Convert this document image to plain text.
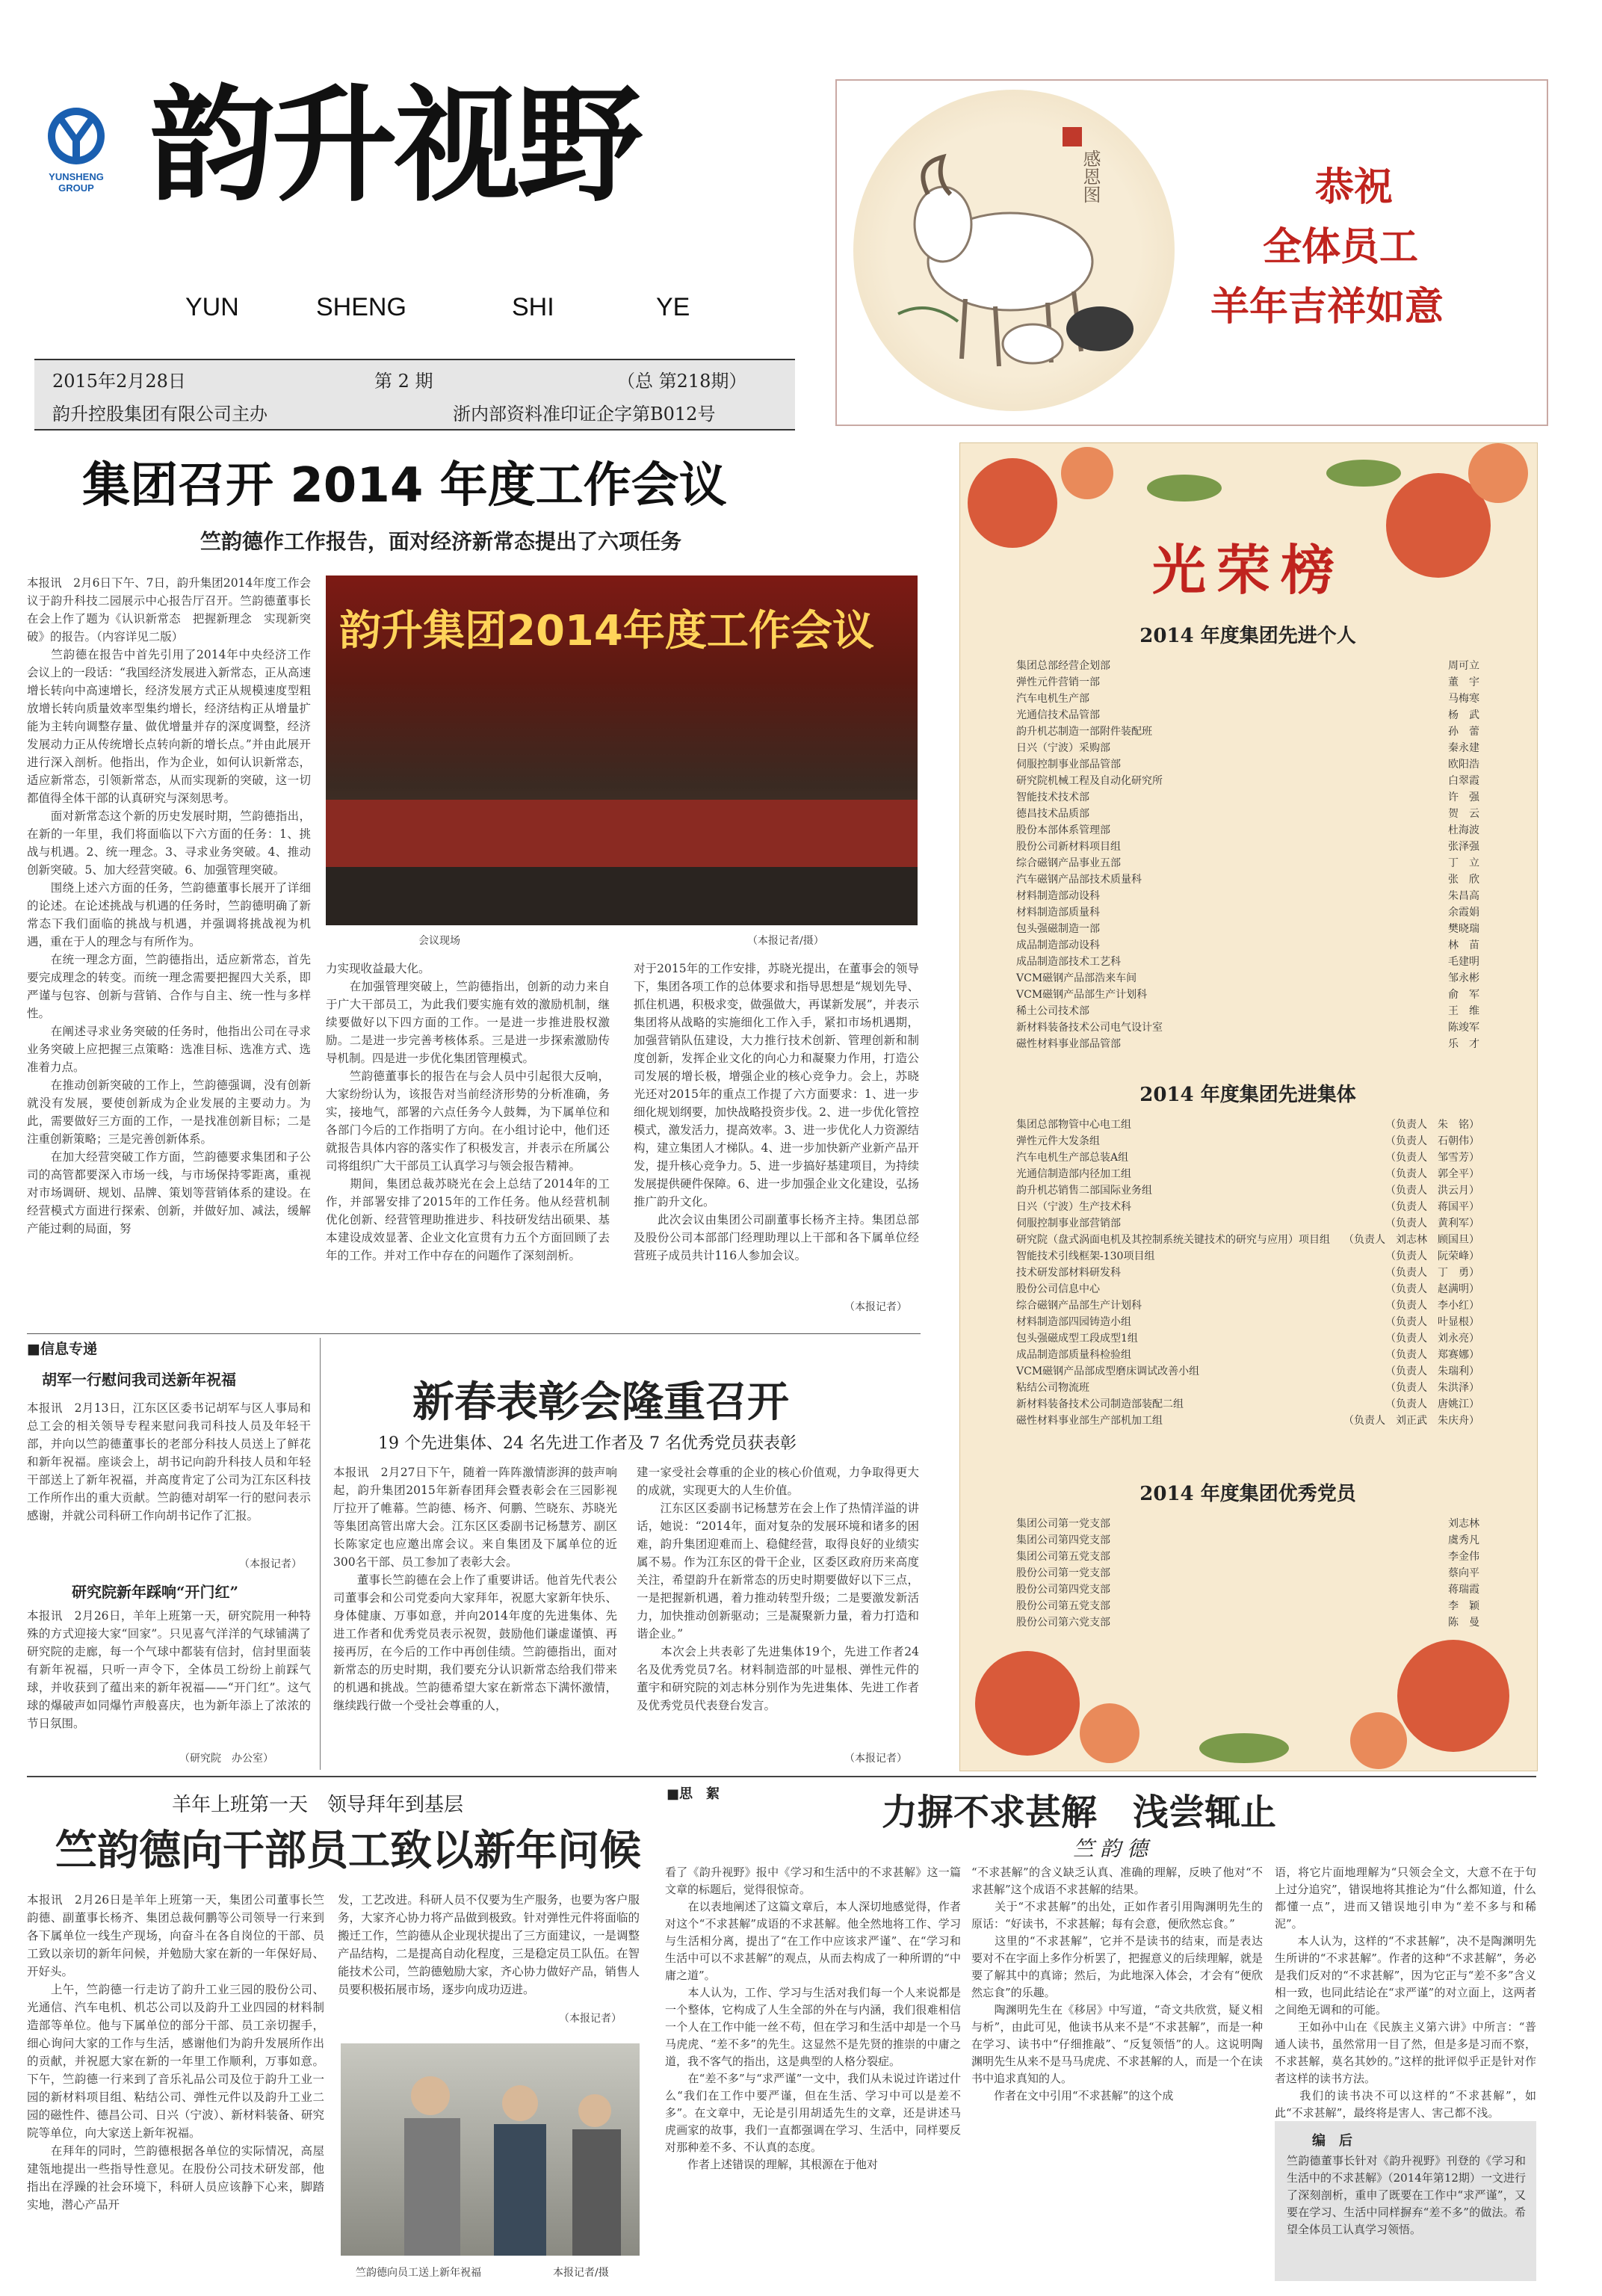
YUNSHENG GROUP 韵升视野
YUN	SHENG	SHI	YE
2015年2月28日	第 2 期	（总 第218期）
韵升控股集团有限公司主办	浙内部资料准印证企字第B012号
感恩图	恭祝
全体员工
羊年吉祥如意
集团召开 2014 年度工作会议
竺韵德作工作报告，面对经济新常态提出了六项任务
本报讯　2月6日下午、7日，韵升集团2014年度工作会议于韵升科技二园展示中心报告厅召开。竺韵德董事长在会上作了题为《认识新常态　把握新理念　实现新突破》的报告。（内容详见二版）
　　竺韵德在报告中首先引用了2014年中央经济工作会议上的一段话：“我国经济发展进入新常态，正从高速增长转向中高速增长，经济发展方式正从规模速度型粗放增长转向质量效率型集约增长，经济结构正从增量扩能为主转向调整存量、做优增量并存的深度调整，经济发展动力正从传统增长点转向新的增长点。”并由此展开进行深入剖析。他指出，作为企业，如何认识新常态，适应新常态，引领新常态，从而实现新的突破，这一切都值得全体干部的认真研究与深刻思考。
　　面对新常态这个新的历史发展时期，竺韵德指出，在新的一年里，我们将面临以下六方面的任务：1、挑战与机遇。2、统一理念。3、寻求业务突破。4、推动创新突破。5、加大经营突破。6、加强管理突破。
　　围绕上述六方面的任务，竺韵德董事长展开了详细的论述。在论述挑战与机遇的任务时，竺韵德明确了新常态下我们面临的挑战与机遇，并强调将挑战视为机遇，重在于人的理念与有所作为。
　　在统一理念方面，竺韵德指出，适应新常态，首先要完成理念的转变。而统一理念需要把握四大关系，即严谨与包容、创新与营销、合作与自主、统一性与多样性。
　　在阐述寻求业务突破的任务时，他指出公司在寻求业务突破上应把握三点策略：选准目标、选准方式、选准着力点。
　　在推动创新突破的工作上，竺韵德强调，没有创新就没有发展，要使创新成为企业发展的主要动力。为此，需要做好三方面的工作，一是找准创新目标；二是注重创新策略；三是完善创新体系。
　　在加大经营突破工作方面，竺韵德要求集团和子公司的高管都要深入市场一线，与市场保持零距离，重视对市场调研、规划、品牌、策划等营销体系的建设。在经营模式方面进行探索、创新，并做好加、减法，缓解产能过剩的局面，努
韵升集团2014年度工作会议
会议现场	（本报记者/摄）
力实现收益最大化。
　　在加强管理突破上，竺韵德指出，创新的动力来自于广大干部员工，为此我们要实施有效的激励机制，继续要做好以下四方面的工作。一是进一步推进股权激励。二是进一步完善考核体系。三是进一步探索激励传导机制。四是进一步优化集团管理模式。
　　竺韵德董事长的报告在与会人员中引起很大反响，大家纷纷认为，该报告对当前经济形势的分析准确，务实，接地气，部署的六点任务今人鼓舞，为下属单位和各部门今后的工作指明了方向。在小组讨论中，他们还就报告具体内容的落实作了积极发言，并表示在所属公司将组织广大干部员工认真学习与领会报告精神。
　　期间，集团总裁苏晓光在会上总结了2014年的工作，并部署安排了2015年的工作任务。他从经营机制优化创新、经营管理助推进步、科技研发结出硕果、基本建设成效显著、企业文化宣贯有力五个方面回顾了去年的工作。并对工作中存在的问题作了深刻剖析。
对于2015年的工作安排，苏晓光提出，在董事会的领导下，集团各项工作的总体要求和指导思想是“规划先导、抓住机遇，积极求变，做强做大，再谋新发展”，并表示集团将从战略的实施细化工作入手，紧扣市场机遇期，加强营销队伍建设，大力推行技术创新、管理创新和制度创新，发挥企业文化的向心力和凝聚力作用，打造公司发展的增长极，增强企业的核心竞争力。会上，苏晓光还对2015年的重点工作提了六方面要求：1、进一步细化规划纲要，加快战略投资步伐。2、进一步优化管控模式，激发活力，提高效率。3、进一步优化人力资源结构，建立集团人才梯队。4、进一步加快新产业新产品开发，提升核心竞争力。5、进一步搞好基建项目，为持续发展提供硬件保障。6、进一步加强企业文化建设，弘扬推广韵升文化。
　　此次会议由集团公司副董事长杨齐主持。集团总部及股份公司本部部门经理助理以上干部和各下属单位经营班子成员共计116人参加会议。
（本报记者）
■信息专递
胡军一行慰问我司送新年祝福
本报讯　2月13日，江东区区委书记胡军与区人事局和总工会的相关领导专程来慰问我司科技人员及年轻干部，并向以竺韵德董事长的老部分科技人员送上了鲜花和新年祝福。座谈会上，胡书记向韵升科技人员和年轻干部送上了新年祝福，并高度肯定了公司为江东区科技工作所作出的重大贡献。竺韵德对胡军一行的慰问表示感谢，并就公司科研工作向胡书记作了汇报。
（本报记者）
研究院新年踩响“开门红”
本报讯　2月26日，羊年上班第一天，研究院用一种特殊的方式迎接大家“回家”。只见喜气洋洋的气球铺满了研究院的走廊，每一个气球中都装有信封，信封里面装有新年祝福，只听一声令下，全体员工纷纷上前踩气球，并收获到了蕴出来的新年祝福——“开门红”。这气球的爆破声如同爆竹声般喜庆，也为新年添上了浓浓的节日氛围。
（研究院　办公室）
新春表彰会隆重召开
19 个先进集体、24 名先进工作者及 7 名优秀党员获表彰
本报讯　2月27日下午，随着一阵阵激情澎湃的鼓声响起，韵升集团2015年新春团拜会暨表彰会在三园影视厅拉开了帷幕。竺韵德、杨齐、何鹏、竺晓东、苏晓光等集团高管出席大会。江东区区委副书记杨慧芳、副区长陈家定也应邀出席会议。来自集团及下属单位的近300名干部、员工参加了表彰大会。
　　董事长竺韵德在会上作了重要讲话。他首先代表公司董事会和公司党委向大家拜年，祝愿大家新年快乐、身体健康、万事如意，并向2014年度的先进集体、先进工作者和优秀党员表示祝贺，鼓励他们谦虚谨慎、再接再厉，在今后的工作中再创佳绩。竺韵德指出，面对新常态的历史时期，我们要充分认识新常态给我们带来的机遇和挑战。竺韵德希望大家在新常态下满怀激情，继续践行做一个受社会尊重的人，
建一家受社会尊重的企业的核心价值观，力争取得更大的成就，实现更大的人生价值。
　　江东区区委副书记杨慧芳在会上作了热情洋溢的讲话，她说：“2014年，面对复杂的发展环境和诸多的困难，韵升集团迎难而上、稳健经营，取得良好的业绩实属不易。作为江东区的骨干企业，区委区政府历来高度关注，希望韵升在新常态的历史时期要做好以下三点，一是把握新机遇，着力推动转型升级；二是要激发新活力，加快推动创新驱动；三是凝聚新力量，着力打造和谐企业。”
　　本次会上共表彰了先进集体19个，先进工作者24名及优秀党员7名。材料制造部的叶显根、弹性元件的董宇和研究院的刘志林分别作为先进集体、先进工作者及优秀党员代表登台发言。
（本报记者）
光荣榜
2014 年度集团先进个人
集团总部经营企划部	周可立
弹性元件营销一部	董　宇
汽车电机生产部	马梅寒
光通信技术品管部	杨　武
韵升机芯制造一部附件装配班	孙　蕾
日兴（宁波）采购部	秦永建
伺服控制事业部品管部	欧阳浩
研究院机械工程及自动化研究所	白翠霞
智能技术技术部	许　强
德昌技术品质部	贺　云
股份本部体系管理部	杜海波
股份公司新材料项目组	张泽强
综合磁钢产品事业五部	丁　立
汽车磁钢产品部技术质量科	张　欣
材料制造部动设科	朱昌高
材料制造部质量科	余霞娟
包头强磁制造一部	樊晓瑞
成品制造部动设科	林　苗
成品制造部技术工艺科	毛建明
VCM磁钢产品部浩来车间	邹永彬
VCM磁钢产品部生产计划科	俞　军
稀土公司技术部	王　维
新材料装备技术公司电气设计室	陈竣军
磁性材料事业部品管部	乐　才
2014 年度集团先进集体
集团总部物管中心电工组	（负责人　朱　铭）
弹性元件大发条组	（负责人　石朝伟）
汽车电机生产部总装A组	（负责人　邹雪芳）
光通信制造部内径加工组	（负责人　郭全平）
韵升机芯销售二部国际业务组	（负责人　洪云月）
日兴（宁波）生产技术科	（负责人　蒋国平）
伺服控制事业部营销部	（负责人　黄利军）
研究院（盘式涡面电机及其控制系统关键技术的研究与应用）项目组 （负责人　刘志林　顾国旦）
智能技术引线框架-130项目组	（负责人　阮荣峰）
技术研发部材料研发科	（负责人　丁　勇）
股份公司信息中心	（负责人　赵满明）
综合磁钢产品部生产计划科	（负责人　李小红）
材料制造部四园铸造小组	（负责人　叶显根）
包头强磁成型工段成型1组	（负责人　刘永亮）
成品制造部质量科检验组	（负责人　郑赛娜）
VCM磁钢产品部成型磨床调试改善小组	（负责人　朱瑞利）
粘结公司物流班	（负责人　朱洪泽）
新材料装备技术公司制造部装配二组	（负责人　唐姚江）
磁性材料事业部生产部机加工组	（负责人　刘正武　朱庆舟）
2014 年度集团优秀党员
集团公司第一党支部	刘志林
集团公司第四党支部	虞秀凡
集团公司第五党支部	李金伟
股份公司第一党支部	蔡向平
股份公司第四党支部	蒋瑞霞
股份公司第五党支部	李　颖
股份公司第六党支部	陈　曼
羊年上班第一天　领导拜年到基层
竺韵德向干部员工致以新年问候
本报讯　2月26日是羊年上班第一天，集团公司董事长竺韵德、副董事长杨齐、集团总裁何鹏等公司领导一行来到各下属单位一线生产现场，向奋斗在各自岗位的干部、员工致以亲切的新年问候，并勉励大家在新的一年保好局、开好头。
　　上午，竺韵德一行走访了韵升工业三园的股份公司、光通信、汽车电机、机芯公司以及韵升工业四园的材料制造部等单位。他与下属单位的部分干部、员工亲切握手，细心询问大家的工作与生活，感谢他们为韵升发展所作出的贡献，并祝愿大家在新的一年里工作顺利，万事如意。下午，竺韵德一行来到了音乐礼品公司及位于韵升工业一园的新材料项目组、粘结公司、弹性元件以及韵升工业二园的磁性件、德昌公司、日兴（宁波）、新材料装备、研究院等单位，向大家送上新年祝福。
　　在拜年的同时，竺韵德根据各单位的实际情况，高屋建瓴地提出一些指导性意见。在股份公司技术研发部，他指出在浮躁的社会环境下，科研人员应该静下心来，脚踏实地，潜心产品开
发，工艺改进。科研人员不仅要为生产服务，也要为客户服务，大家齐心协力将产品做到极致。针对弹性元件将面临的搬迁工作，竺韵德从企业现状提出了三方面建议，一是调整产品结构，二是提高自动化程度，三是稳定员工队伍。在智能技术公司，竺韵德勉励大家，齐心协力做好产品，销售人员要积极拓展市场，逐步向成功迈进。
（本报记者）
竺韵德向员工送上新年祝福	本报记者/摄
■思　絮	力摒不求甚解　浅尝辄止
竺韵德
看了《韵升视野》报中《学习和生活中的不求甚解》这一篇文章的标题后，觉得很惊奇。
　　在以表地阐述了这篇文章后，本人深切地感觉得，作者对这个“不求甚解”成语的不求甚解。他全然地将工作、学习与生活相分离，提出了“在工作中应该求严谨”、在“学习和生活中可以不求甚解”的观点，从而去构成了一种所谓的“中庸之道”。
　　本人认为，工作、学习与生活对我们每一个人来说都是一个整体，它构成了人生全部的外在与内涵，我们很难相信一个人在工作中能一丝不苟，但在学习和生活中却是一个马马虎虎、“差不多”的先生。这显然不是先贤的推崇的中庸之道，我不客气的指出，这是典型的人格分裂症。
　　在“差不多”与“求严谨”一文中，我们从未说过许诺过什么“我们在工作中要严谨，但在生活、学习中可以是差不多”。在文章中，无论是引用胡适先生的文章，还是讲述马虎画家的故事，我们一直都强调在学习、生活中，同样要反对那种差不多、不认真的态度。
　　作者上述错误的理解，其根源在于他对
“不求甚解”的含义缺乏认真、准确的理解，反映了他对“不求甚解”这个成语不求甚解的结果。
　　关于“不求甚解”的出处，正如作者引用陶渊明先生的原话：“好读书，不求甚解；每有会意，便欣然忘食。”
　　这里的“不求甚解”，它并不是读书的结束，而是表达要对不在字面上多作分析罢了，把握意义的后续理解，就是要了解其中的真谛；然后，为此地深入体会，才会有“便欣然忘食”的乐趣。
　　陶渊明先生在《移居》中写道，“奇文共欣赏，疑义相与析”，由此可见，他读书从来不是“不求甚解”，而是一种在学习、读书中“仔细推敲”、“反复领悟”的人。这说明陶渊明先生从来不是马马虎虎、不求甚解的人，而是一个在读书中追求真知的人。
　　作者在文中引用“不求甚解”的这个成
语，将它片面地理解为“只领会全文，大意不在于句上过分追究”，错误地将其推论为“什么都知道，什么都懂一点”，进而又错误地引申为“差不多与和稀泥”。
　　本人认为，这样的“不求甚解”，决不是陶渊明先生所讲的“不求甚解”。作者的这种“不求甚解”，务必是我们反对的“不求甚解”，因为它正与“差不多”含义相一致，也同此结论在“求严谨”的对立面上，这两者之间绝无调和的可能。
　　王如孙中山在《民族主义第六讲》中所言：“普通人读书，虽然常用一目了然，但是多是习而不察，不求甚解，莫名其妙的。”这样的批评似乎正是针对作者这样的读书方法。
　　我们的读书决不可以这样的“不求甚解”，如此“不求甚解”，最终将是害人、害己都不浅。
编　后
竺韵德董事长针对《韵升视野》刊登的《学习和生活中的不求甚解》（2014年第12期）一文进行了深刻剖析，重申了既要在工作中“求严谨”，又要在学习、生活中同样摒弃“差不多”的做法。希望全体员工认真学习领悟。
